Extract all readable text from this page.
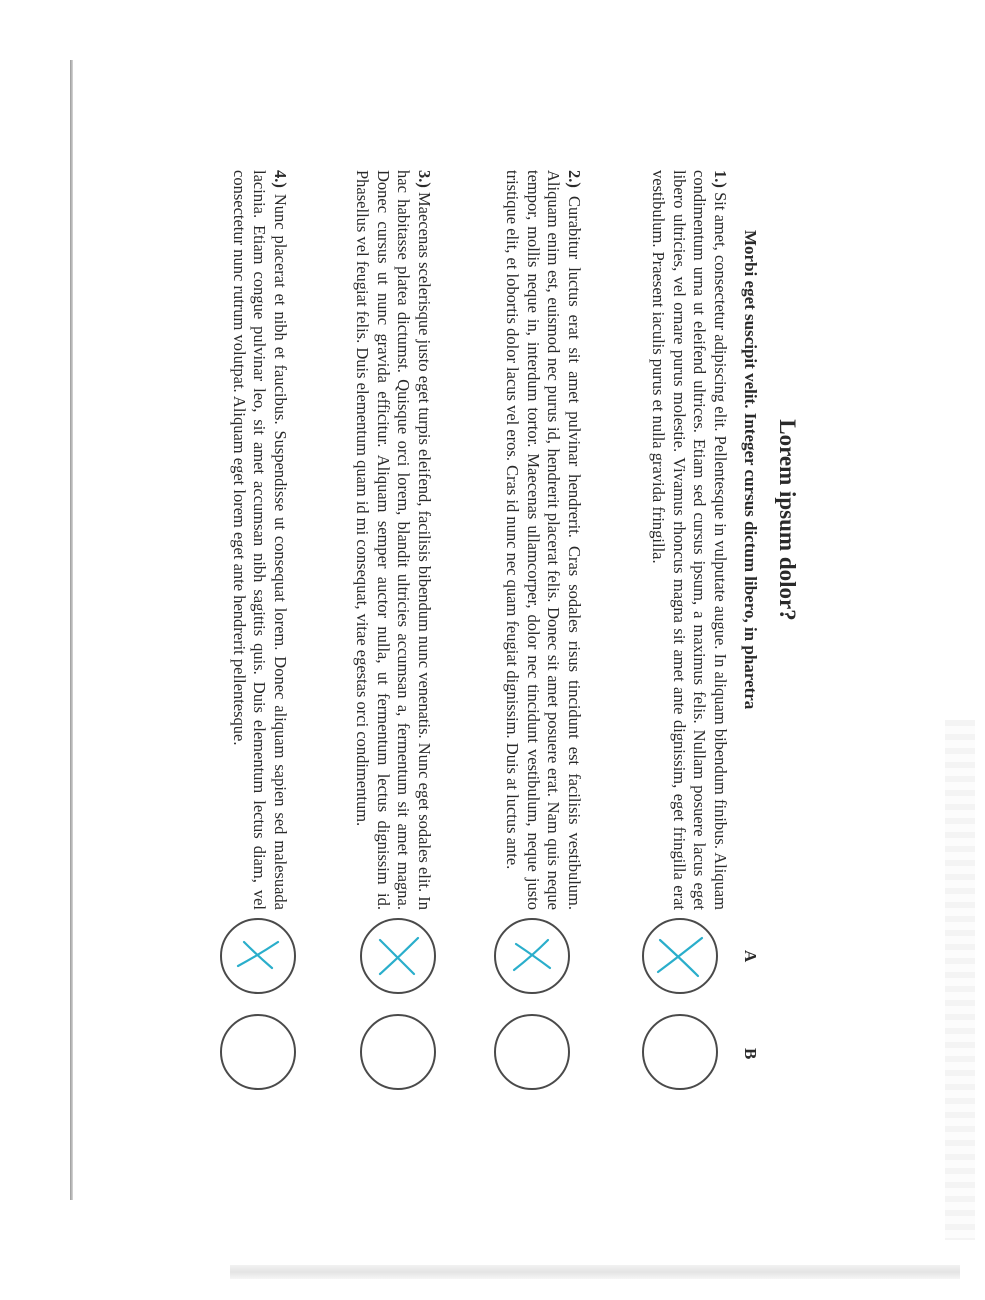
Lorem ipsum dolor?
Morbi eget suscipit velit. Integer cursus dictum libero, in pharetra
A
B
1.) Sit amet, consectetur adipiscing elit. Pellentesque in vulputate augue. In aliquam bibendum finibus. Aliquam condimentum urna ut eleifend ultrices. Etiam sed cursus ipsum, a maximus felis. Nullam posuere lacus eget libero ultricies, vel ornare purus molestie. Vivamus rhoncus magna sit amet ante dignissim, eget fringilla erat vestibulum. Praesent iaculis purus et nulla gravida fringilla.
2.) Curabitur luctus erat sit amet pulvinar hendrerit. Cras sodales risus tincidunt est facilisis vestibulum. Aliquam enim est, euismod nec purus id, hendrerit placerat felis. Donec sit amet posuere erat. Nam quis neque tempor, mollis neque in, interdum tortor. Maecenas ullamcorper, dolor nec tincidunt vestibulum, neque justo tristique elit, et lobortis dolor lacus vel eros. Cras id nunc nec quam feugiat dignissim. Duis at luctus ante.
3.) Maecenas scelerisque justo eget turpis eleifend, facilisis bibendum nunc venenatis. Nunc eget sodales elit. In hac habitasse platea dictumst. Quisque orci lorem, blandit ultricies accumsan a, fermentum sit amet magna. Donec cursus ut nunc gravida efficitur. Aliquam semper auctor nulla, ut fermentum lectus dignissim id. Phasellus vel feugiat felis. Duis elementum quam id mi consequat, vitae egestas orci condimentum.
4.) Nunc placerat et nibh et faucibus. Suspendisse ut consequat lorem. Donec aliquam sapien sed malesuada lacinia. Etiam congue pulvinar leo, sit amet accumsan nibh sagittis quis. Duis elementum lectus diam, vel consectetur nunc rutrum volutpat. Aliquam eget lorem eget ante hendrerit pellentesque.
